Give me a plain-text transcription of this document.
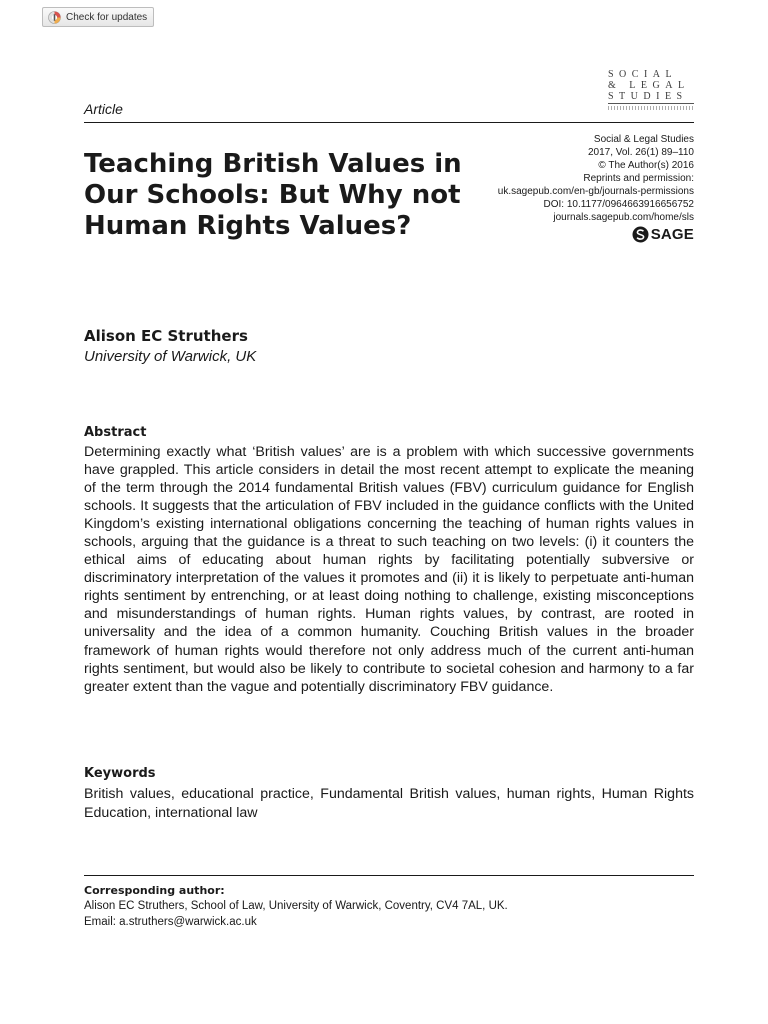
Check for updates
SOCIAL
& LEGAL
STUDIES
Article
Teaching British Values in Our Schools: But Why not Human Rights Values?
Social & Legal Studies
2017, Vol. 26(1) 89–110
© The Author(s) 2016
Reprints and permission:
uk.sagepub.com/en-gb/journals-permissions
DOI: 10.1177/0964663916656752
journals.sagepub.com/home/sls
SAGE
Alison EC Struthers
University of Warwick, UK
Abstract

Determining exactly what ‘British values’ are is a problem with which successive governments have grappled. This article considers in detail the most recent attempt to explicate the meaning of the term through the 2014 fundamental British values (FBV) curriculum guidance for English schools. It suggests that the articulation of FBV included in the guidance conflicts with the United Kingdom’s existing international obligations concerning the teaching of human rights values in schools, arguing that the guidance is a threat to such teaching on two levels: (i) it counters the ethical aims of educating about human rights by facilitating potentially subversive or discriminatory interpretation of the values it promotes and (ii) it is likely to perpetuate anti-human rights sentiment by entrenching, or at least doing nothing to challenge, existing misconceptions and misunderstandings of human rights. Human rights values, by contrast, are rooted in universality and the idea of a common humanity. Couching British values in the broader framework of human rights would therefore not only address much of the current anti-human rights sentiment, but would also be likely to contribute to societal cohesion and harmony to a far greater extent than the vague and potentially discriminatory FBV guidance.

Keywords

British values, educational practice, Fundamental British values, human rights, Human Rights Education, international law

Corresponding author:
Alison EC Struthers, School of Law, University of Warwick, Coventry, CV4 7AL, UK.
Email: a.struthers@warwick.ac.uk
